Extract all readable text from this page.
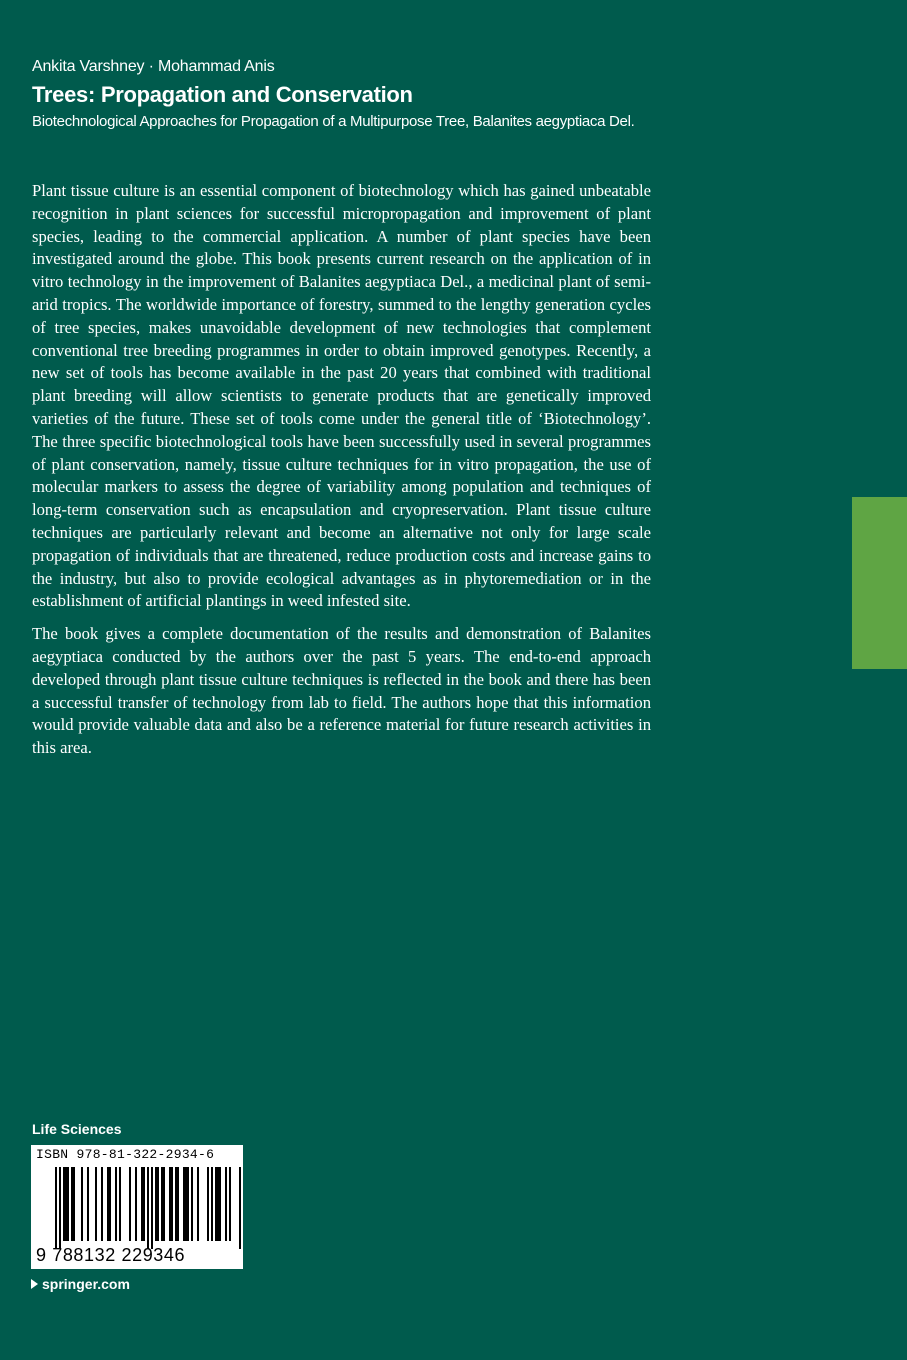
Ankita Varshney · Mohammad Anis
Trees: Propagation and Conservation
Biotechnological Approaches for Propagation of a Multipurpose Tree, Balanites aegyptiaca Del.

Plant tissue culture is an essential component of biotechnology which has gained unbeatable recognition in plant sciences for successful micropropagation and improvement of plant species, leading to the commercial application. A number of plant species have been investigated around the globe. This book presents current research on the application of in vitro technology in the improvement of Balanites aegyptiaca Del., a medicinal plant of semi-arid tropics. The worldwide importance of forestry, summed to the lengthy generation cycles of tree species, makes unavoidable development of new technologies that complement conventional tree breeding programmes in order to obtain improved genotypes. Recently, a new set of tools has become available in the past 20 years that combined with traditional plant breeding will allow scientists to generate products that are genetically improved varieties of the future. These set of tools come under the general title of ‘Biotechnology’. The three specific biotechnological tools have been successfully used in several programmes of plant conservation, namely, tissue culture techniques for in vitro propagation, the use of molecular markers to assess the degree of variability among population and techniques of long-term conservation such as encapsulation and cryopreservation. Plant tissue culture techniques are particularly relevant and become an alternative not only for large scale propagation of individuals that are threatened, reduce production costs and increase gains to the industry, but also to provide ecological advantages as in phytoremediation or in the establishment of artificial plantings in weed infested site.

The book gives a complete documentation of the results and demonstration of Balanites aegyptiaca conducted by the authors over the past 5 years. The end-to-end approach developed through plant tissue culture techniques is reflected in the book and there has been a successful transfer of technology from lab to field. The authors hope that this information would provide valuable data and also be a reference material for future research activities in this area.

Life Sciences
ISBN 978-81-322-2934-6
9 788132 229346
springer.com
